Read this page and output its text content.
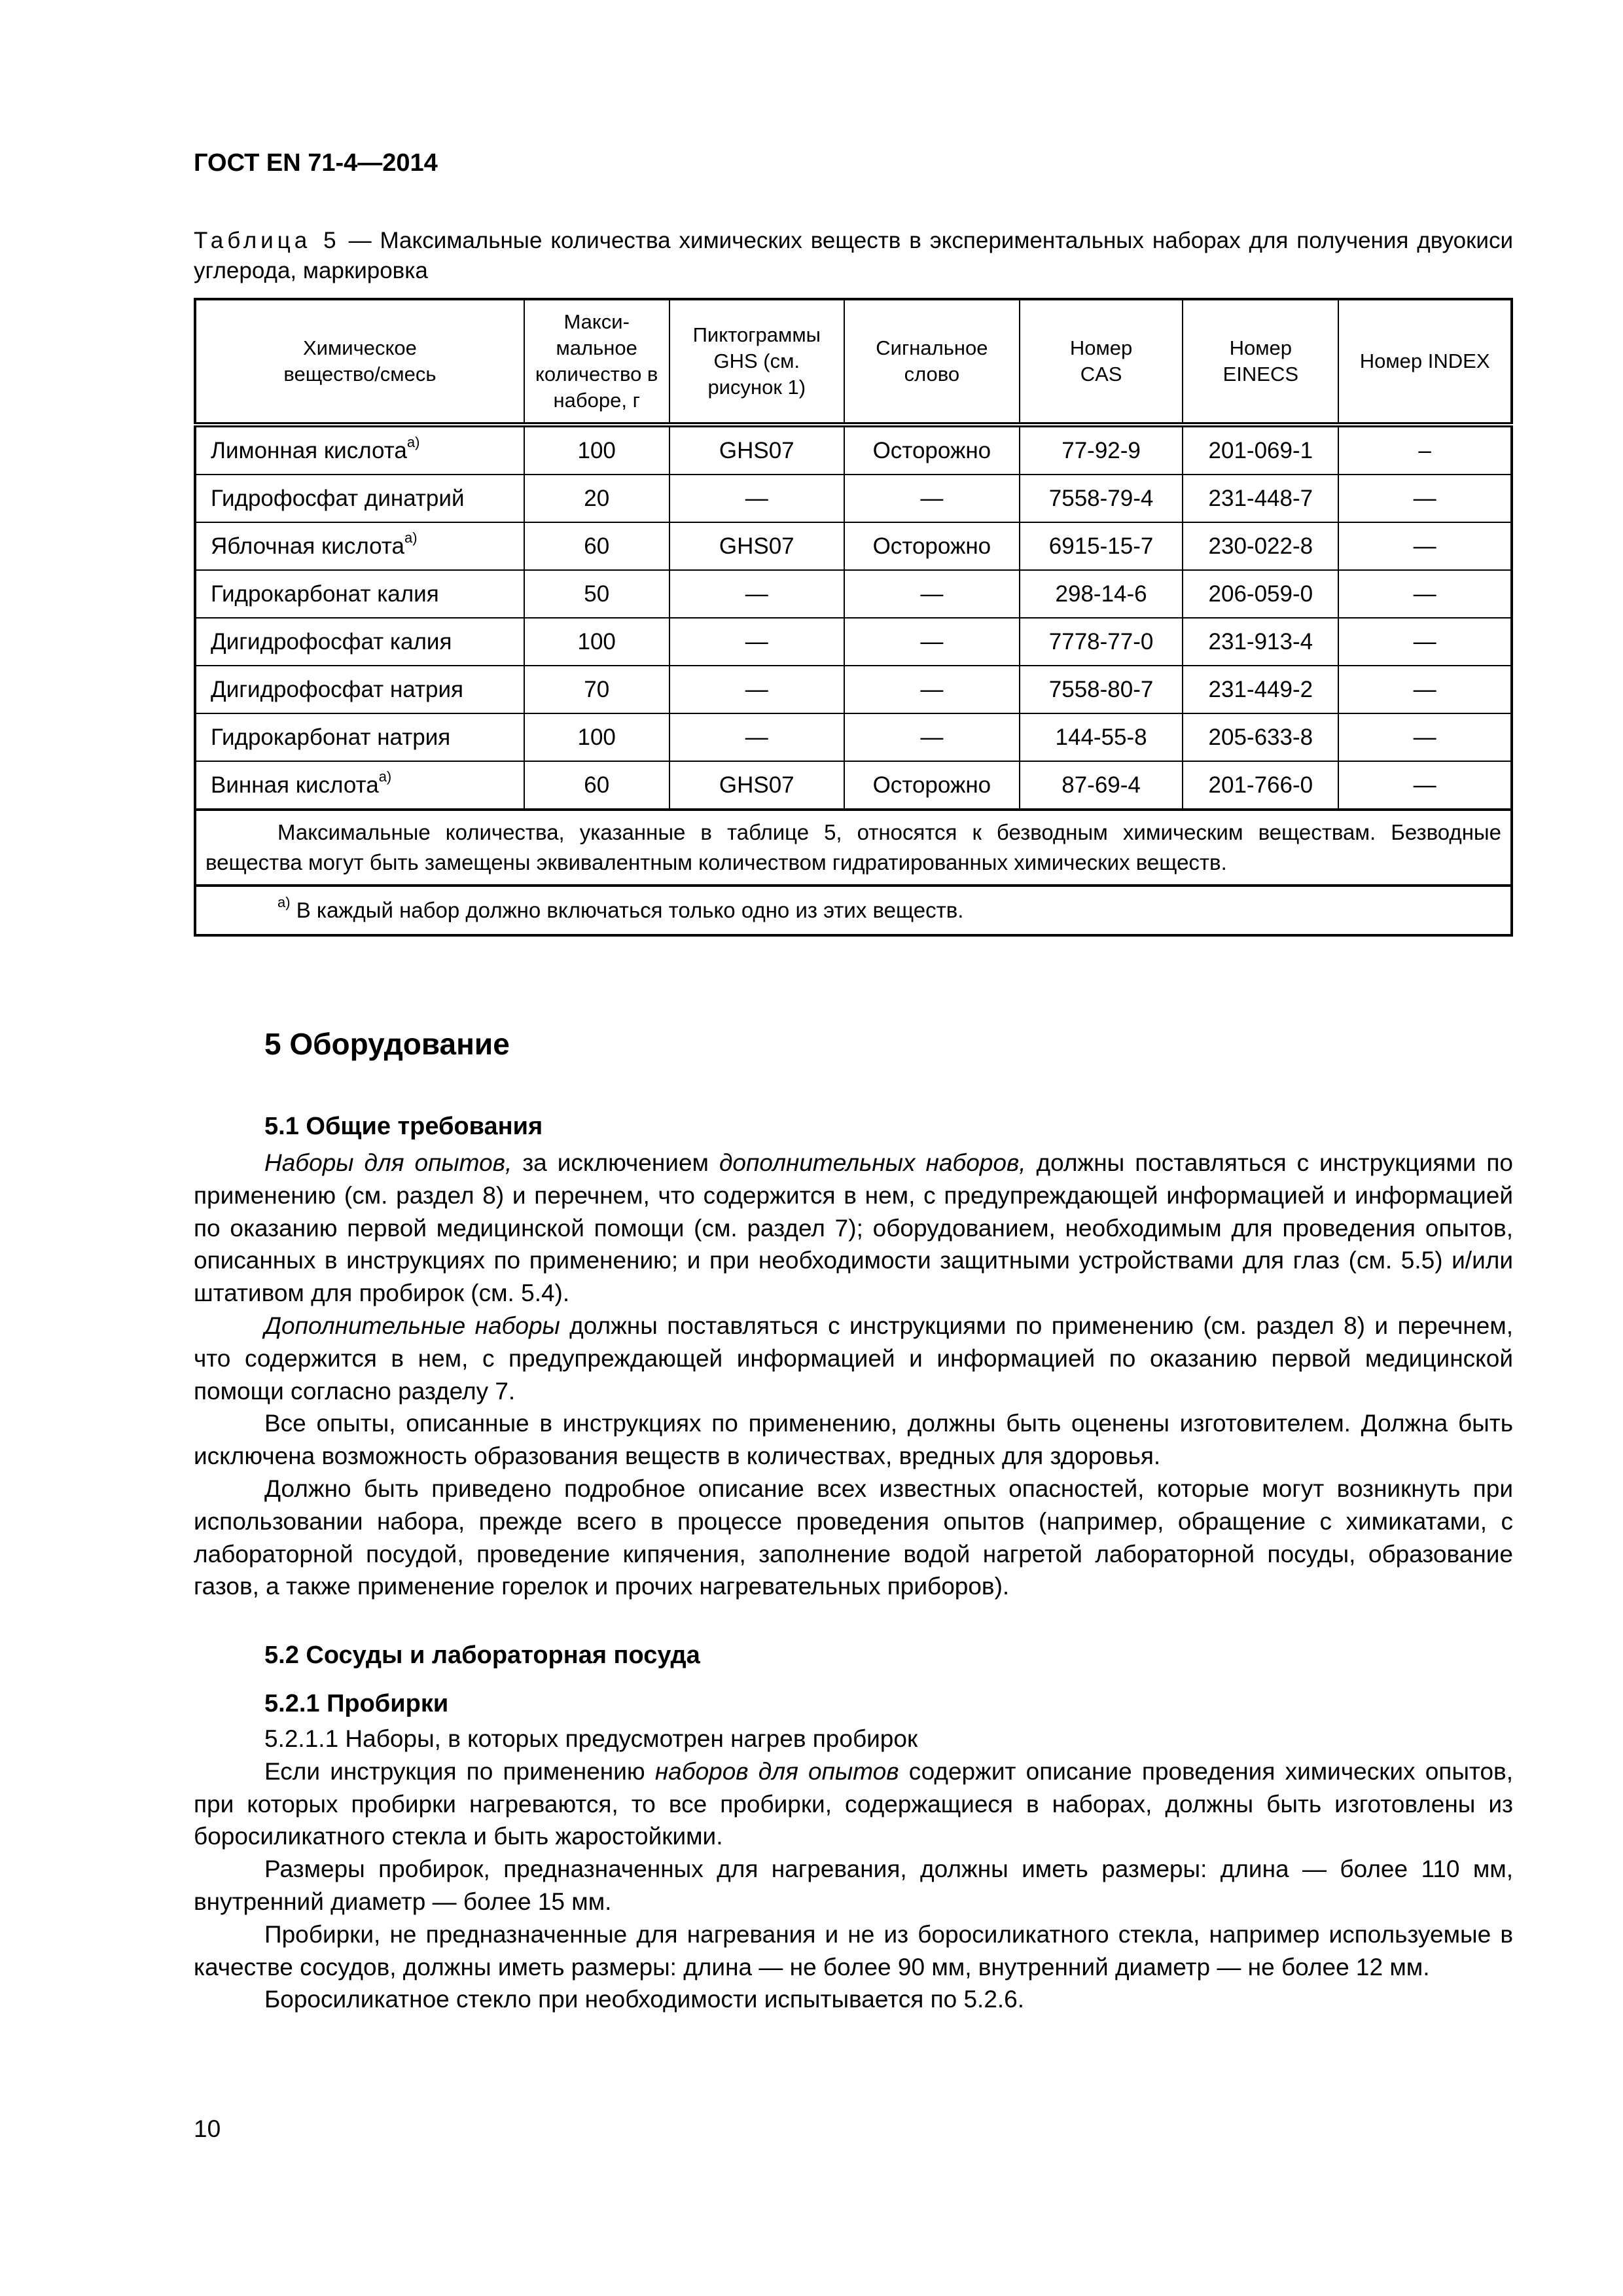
ГОСТ EN 71-4—2014
Таблица 5 — Максимальные количества химических веществ в экспериментальных наборах для получения двуокиси углерода, маркировка
Химическое вещество/смесь	Макси-мальное количество в наборе, г	Пиктограммы GHS (см. рисунок 1)	Сигнальное слово	Номер CAS	Номер EINECS	Номер INDEX
Лимонная кислота$^{а)}$	100	GHS07	Осторожно	77-92-9	201-069-1	–
Гидрофосфат динатрий	20	—	—	7558-79-4	231-448-7	—
Яблочная кислота$^{а)}$	60	GHS07	Осторожно	6915-15-7	230-022-8	—
Гидрокарбонат калия	50	—	—	298-14-6	206-059-0	—
Дигидрофосфат калия	100	—	—	7778-77-0	231-913-4	—
Дигидрофосфат натрия	70	—	—	7558-80-7	231-449-2	—
Гидрокарбонат натрия	100	—	—	144-55-8	205-633-8	—
Винная кислота$^{а)}$	60	GHS07	Осторожно	87-69-4	201-766-0	—
Максимальные количества, указанные в таблице 5, относятся к безводным химическим веществам. Безводные вещества могут быть замещены эквивалентным количеством гидратированных химических веществ.						
$^{а)}$ В каждый набор должно включаться только одно из этих веществ.						
5 Оборудование
5.1 Общие требования

Наборы для опытов, за исключением дополнительных наборов, должны поставляться с инструкциями по применению (см. раздел 8) и перечнем, что содержится в нем, с предупреждающей информацией и информацией по оказанию первой медицинской помощи (см. раздел 7); оборудованием, необходимым для проведения опытов, описанных в инструкциях по применению; и при необходимости защитными устройствами для глаз (см. 5.5) и/или штативом для пробирок (см. 5.4).

Дополнительные наборы должны поставляться с инструкциями по применению (см. раздел 8) и перечнем, что содержится в нем, с предупреждающей информацией и информацией по оказанию первой медицинской помощи согласно разделу 7.

Все опыты, описанные в инструкциях по применению, должны быть оценены изготовителем. Должна быть исключена возможность образования веществ в количествах, вредных для здоровья.

Должно быть приведено подробное описание всех известных опасностей, которые могут возникнуть при использовании набора, прежде всего в процессе проведения опытов (например, обращение с химикатами, с лабораторной посудой, проведение кипячения, заполнение водой нагретой лабораторной посуды, образование газов, а также применение горелок и прочих нагревательных приборов).

5.2 Сосуды и лабораторная посуда
5.2.1 Пробирки

5.2.1.1 Наборы, в которых предусмотрен нагрев пробирок

Если инструкция по применению наборов для опытов содержит описание проведения химических опытов, при которых пробирки нагреваются, то все пробирки, содержащиеся в наборах, должны быть изготовлены из боросиликатного стекла и быть жаростойкими.

Размеры пробирок, предназначенных для нагревания, должны иметь размеры: длина — более 110 мм, внутренний диаметр — более 15 мм.

Пробирки, не предназначенные для нагревания и не из боросиликатного стекла, например используемые в качестве сосудов, должны иметь размеры: длина — не более 90 мм, внутренний диаметр — не более 12 мм.

Боросиликатное стекло при необходимости испытывается по 5.2.6.

10
